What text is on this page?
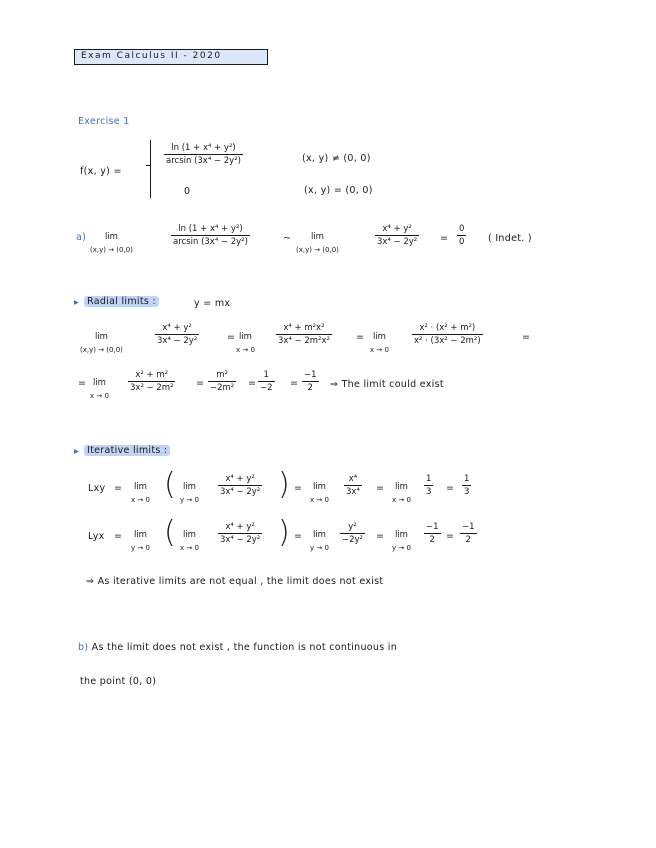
Exam Calculus II - 2020
Exercise 1
f(x, y) =
ln (1 + x⁴ + y²)
arcsin (3x⁴ − 2y²)	(x, y) ≠ (0, 0)
0	(x, y) = (0, 0)
a) lim
(x,y) → (0,0)
ln (1 + x⁴ + y²)
arcsin (3x⁴ − 2y²)	~ lim
(x,y) → (0,0)
x⁴ + y²
3x⁴ − 2y² =
0
0 ( Indet. )
▸ Radial limits :	y = mx
lim
(x,y) → (0,0)
x⁴ + y²
3x⁴ − 2y²	= lim
x → 0
x⁴ + m²x²
3x⁴ − 2m²x²	= lim
x → 0
x² · (x² + m²)
x² · (3x² − 2m²)	=
= lim
x → 0
x² + m²
3x² − 2m² =
m²
−2m² =
1
−2 =
−1
2 ⇒ The limit could exist
▸ Iterative limits :
Lxy = lim
x → 0 ( lim
y → 0
x⁴ + y²
3x⁴ − 2y² ) = lim
x → 0
x⁴
3x⁴ = lim
x → 0
1
3 =
1
3
Lyx = lim
y → 0 ( lim
x → 0
x⁴ + y²
3x⁴ − 2y² ) = lim
y → 0
y²
−2y² = lim
y → 0
−1
2 =
−1
2
⇒ As iterative limits are not equal , the limit does not exist
b) As the limit does not exist , the function is not continuous in
the point (0, 0)
